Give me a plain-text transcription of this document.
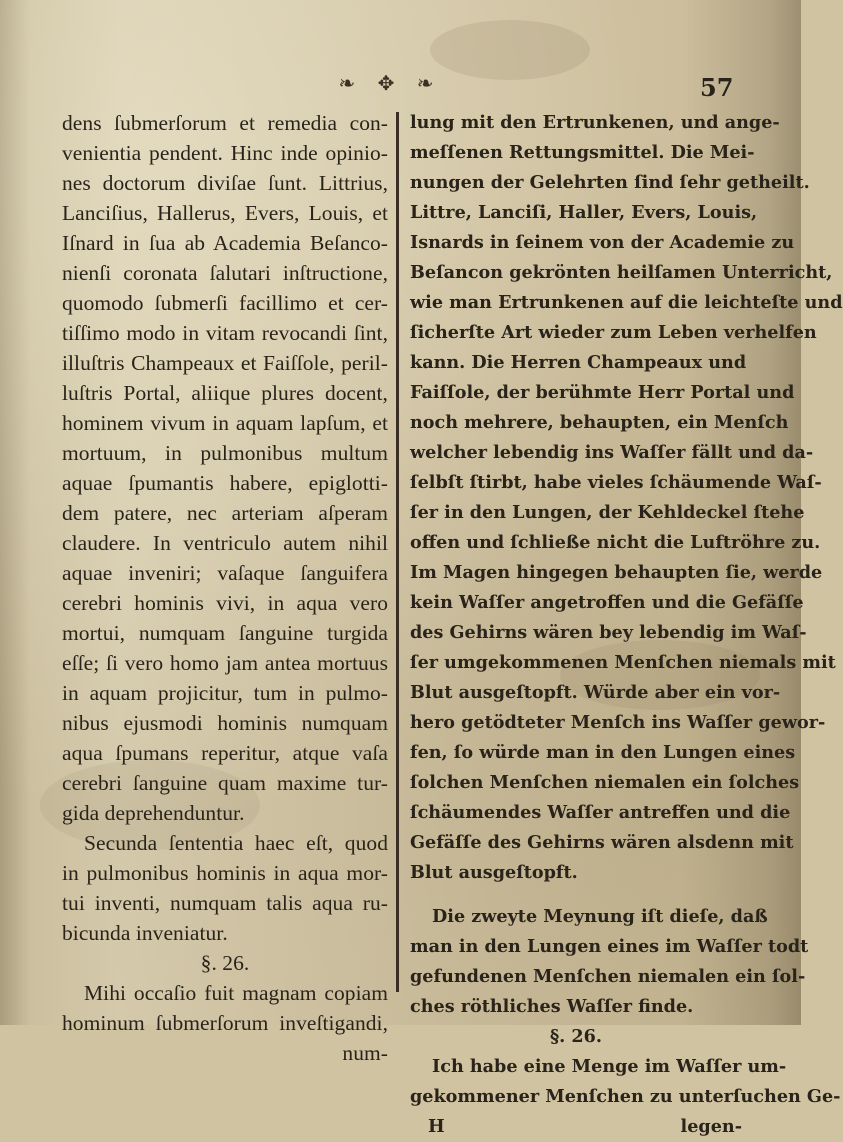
❧ ✥ ❧	57
dens ſubmerſorum et remedia con-
venientia pendent. Hinc inde opinio-
nes doctorum diviſae ſunt. Littrius,
Lanciſius, Hallerus, Evers, Louis, et
Iſnard in ſua ab Academia Beſanco-
nienſi coronata ſalutari inſtructione,
quomodo ſubmerſi facillimo et cer-
tiſſimo modo in vitam revocandi ſint,
illuſtris Champeaux et Faiſſole, peril-
luſtris Portal, aliique plures docent,
hominem vivum in aquam lapſum, et
mortuum, in pulmonibus multum
aquae ſpumantis habere, epiglotti-
dem patere, nec arteriam aſperam
claudere. In ventriculo autem nihil
aquae inveniri; vaſaque ſanguifera
cerebri hominis vivi, in aqua vero
mortui, numquam ſanguine turgida
eſſe; ſi vero homo jam antea mortuus
in aquam projicitur, tum in pulmo-
nibus ejusmodi hominis numquam
aqua ſpumans reperitur, atque vaſa
cerebri ſanguine quam maxime tur-
gida deprehenduntur.
Secunda ſententia haec eſt, quod
in pulmonibus hominis in aqua mor-
tui inventi, numquam talis aqua ru-
bicunda inveniatur.
§. 26.
Mihi occaſio fuit magnam copiam
hominum ſubmerſorum inveſtigandi,
num-
lung mit den Ertrunkenen, und ange-
meſſenen Rettungsmittel. Die Mei-
nungen der Gelehrten ſind ſehr getheilt.
Littre, Lanciſi, Haller, Evers, Louis,
Isnards in ſeinem von der Academie zu
Beſancon gekrönten heilſamen Unterricht,
wie man Ertrunkenen auf die leichteſte und
ſicherſte Art wieder zum Leben verhelfen
kann. Die Herren Champeaux und
Faiſſole, der berühmte Herr Portal und
noch mehrere, behaupten, ein Menſch
welcher lebendig ins Waſſer fällt und da-
ſelbſt ſtirbt, habe vieles ſchäumende Waſ-
ſer in den Lungen, der Kehldeckel ſtehe
offen und ſchließe nicht die Luftröhre zu.
Im Magen hingegen behaupten ſie, werde
kein Waſſer angetroffen und die Gefäſſe
des Gehirns wären bey lebendig im Waſ-
ſer umgekommenen Menſchen niemals mit
Blut ausgeſtopft. Würde aber ein vor-
hero getödteter Menſch ins Waſſer gewor-
fen, ſo würde man in den Lungen eines
ſolchen Menſchen niemalen ein ſolches
ſchäumendes Waſſer antreffen und die
Gefäſſe des Gehirns wären alsdenn mit
Blut ausgeſtopft.
Die zweyte Meynung iſt dieſe, daß
man in den Lungen eines im Waſſer todt
gefundenen Menſchen niemalen ein ſol-
ches röthliches Waſſer finde.
§. 26.
Ich habe eine Menge im Waſſer um-
gekommener Menſchen zu unterſuchen Ge-
H	legen-
